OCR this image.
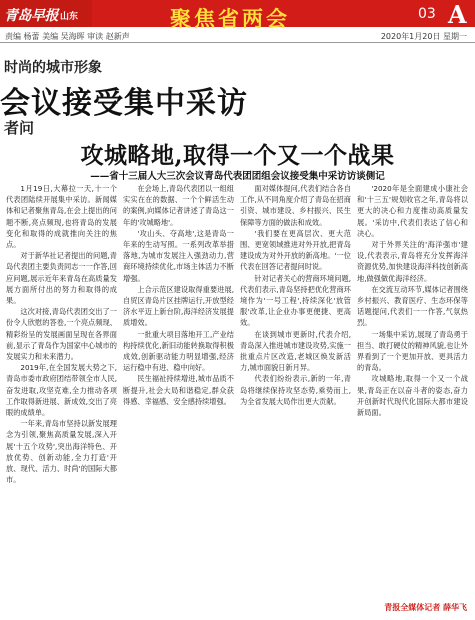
青岛早报 山东	聚焦省两会	03 A
责编 杨蕾 美编 吴海晖 审读 赵新声	2020年1月20日 星期一
时尚的城市形象
会议接受集中采访
者问
攻城略地,取得一个又一个战果
——省十三届人大三次会议青岛代表团团组会议接受集中采访访谈侧记

1月19日,大幕拉一天,十一个代表团陆续开展集中采访。新闻媒体和记者聚焦青岛,在会上提出的问题不断,亮点频现,也将青岛的发展变化和取得的成就推向关注的焦点。

对于新华社记者提出的问题,青岛代表团主要负责同志一一作答,回应问题,展示近年来青岛在高质量发展方面所付出的努力和取得的成果。

这次对接,青岛代表团交出了一份令人欣慰的答卷,一个亮点频现、精彩纷呈的发展画面呈现在各界面前,显示了青岛作为国家中心城市的发展实力和未来潜力。

2019年,在全国发展大势之下,青岛市委市政府团结带领全市人民,奋发进取,攻坚克难,全力推动各项工作取得新进展、新成效,交出了亮眼的成绩单。

一年来,青岛市坚持以新发展理念为引领,聚焦高质量发展,深入开展'十五个攻势',突出海洋特色、开放优势、创新动能,全力打造'开放、现代、活力、时尚'的国际大都市。

在会场上,青岛代表团以一组组实实在在的数据、一个个鲜活生动的案例,向媒体记者讲述了青岛这一年的'攻城略地'。

'攻山头、夺高地',这是青岛一年来的生动写照。一系列改革举措落地,为城市发展注入强劲动力,营商环境持续优化,市场主体活力不断增强。

上合示范区建设取得重要进展,自贸区青岛片区挂牌运行,开放型经济水平迈上新台阶,海洋经济发展提质增效。

一批重大项目落地开工,产业结构持续优化,新旧动能转换取得积极成效,创新驱动能力明显增强,经济运行稳中有进、稳中向好。

民生福祉持续增进,城市品质不断提升,社会大局和谐稳定,群众获得感、幸福感、安全感持续增强。

面对媒体提问,代表们结合各自工作,从不同角度介绍了青岛在招商引资、城市建设、乡村振兴、民生保障等方面的做法和成效。

'我们要在更高层次、更大范围、更宽领域推进对外开放,把青岛建设成为对外开放的新高地。'一位代表在回答记者提问时说。

针对记者关心的营商环境问题,代表们表示,青岛坚持把优化营商环境作为'一号工程',持续深化'放管服'改革,让企业办事更便捷、更高效。

在谈到城市更新时,代表介绍,青岛深入推进城市建设攻势,实施一批重点片区改造,老城区焕发新活力,城市面貌日新月异。

代表们纷纷表示,新的一年,青岛将继续保持攻坚态势,乘势而上,为全省发展大局作出更大贡献。

'2020年是全面建成小康社会和'十三五'规划收官之年,青岛将以更大的决心和力度推动高质量发展。'采访中,代表们表达了信心和决心。

对于外界关注的'海洋强市'建设,代表表示,青岛将充分发挥海洋资源优势,加快建设海洋科技创新高地,做强做优海洋经济。

在交流互动环节,媒体记者围绕乡村振兴、教育医疗、生态环保等话题提问,代表们一一作答,气氛热烈。

一场集中采访,展现了青岛勇于担当、敢打硬仗的精神风貌,也让外界看到了一个更加开放、更具活力的青岛。

攻城略地,取得一个又一个战果,青岛正在以奋斗者的姿态,奋力开创新时代现代化国际大都市建设新局面。

青报全媒体记者 薛华飞
